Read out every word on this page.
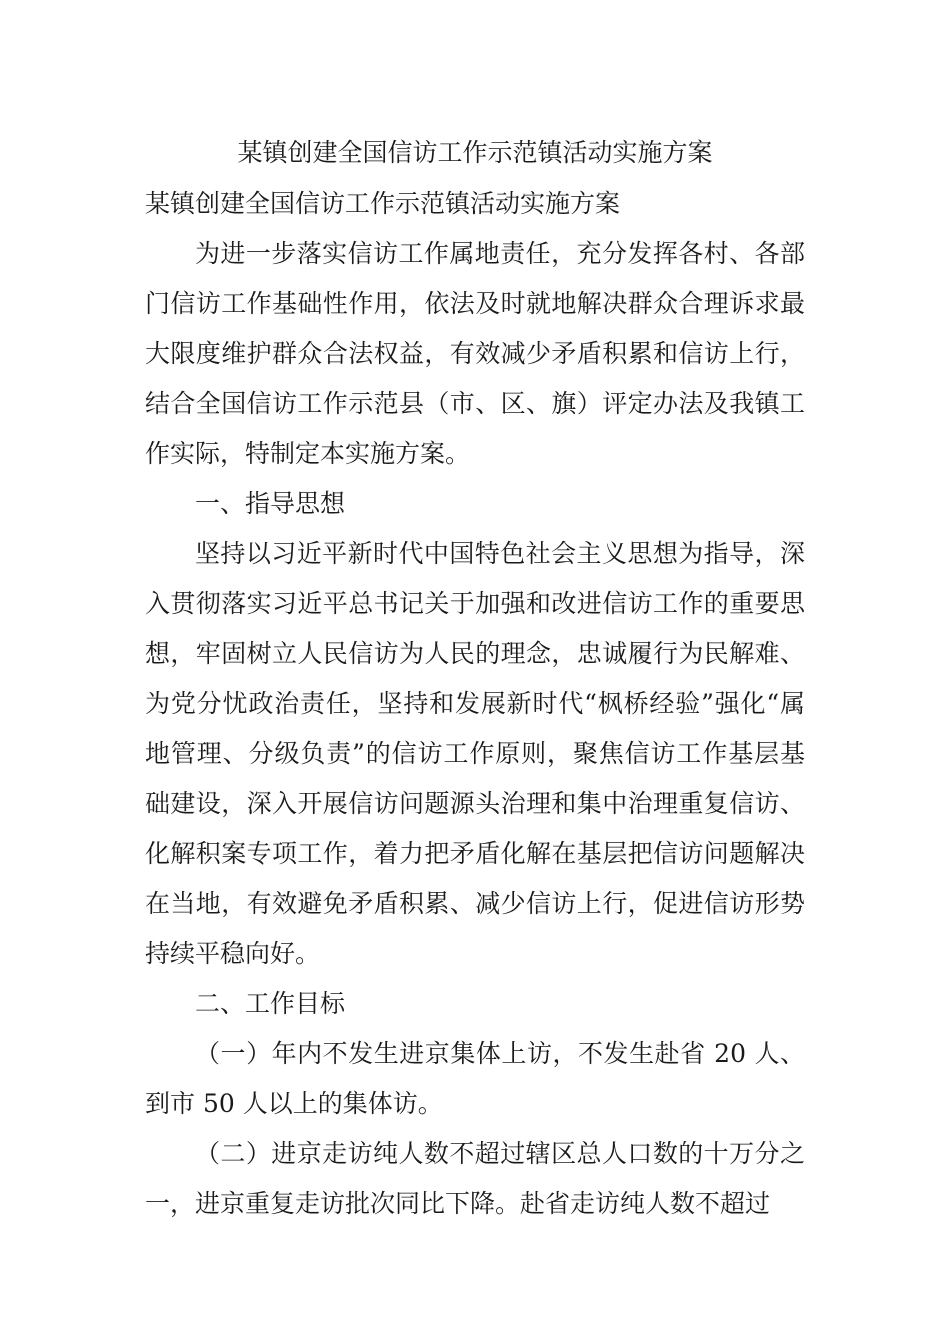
某镇创建全国信访工作示范镇活动实施方案

某镇创建全国信访工作示范镇活动实施方案

为进一步落实信访工作属地责任，充分发挥各村、各部门信访工作基础性作用，依法及时就地解决群众合理诉求最大限度维护群众合法权益，有效减少矛盾积累和信访上行，结合全国信访工作示范县（市、区、旗）评定办法及我镇工作实际，特制定本实施方案。

一、指导思想

坚持以习近平新时代中国特色社会主义思想为指导，深入贯彻落实习近平总书记关于加强和改进信访工作的重要思想，牢固树立人民信访为人民的理念，忠诚履行为民解难、为党分忧政治责任，坚持和发展新时代“枫桥经验”强化“属地管理、分级负责”的信访工作原则，聚焦信访工作基层基础建设，深入开展信访问题源头治理和集中治理重复信访、化解积案专项工作，着力把矛盾化解在基层把信访问题解决在当地，有效避免矛盾积累、减少信访上行，促进信访形势持续平稳向好。

二、工作目标

（一）年内不发生进京集体上访，不发生赴省 20 人、到市 50 人以上的集体访。

（二）进京走访纯人数不超过辖区总人口数的十万分之一，进京重复走访批次同比下降。赴省走访纯人数不超过
